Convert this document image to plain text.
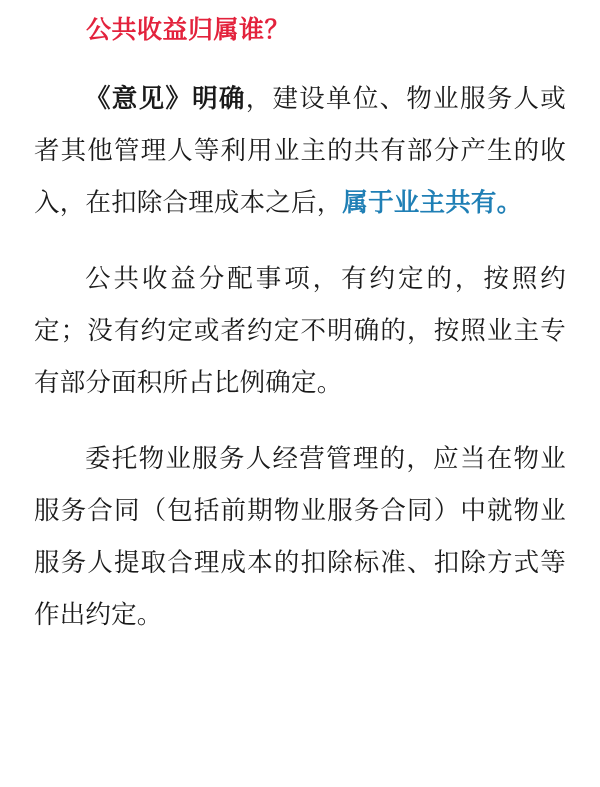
公共收益归属谁？

《意见》明确，建设单位、物业服务人或者其他管理人等利用业主的共有部分产生的收入，在扣除合理成本之后，属于业主共有。

公共收益分配事项，有约定的，按照约定；没有约定或者约定不明确的，按照业主专有部分面积所占比例确定。

委托物业服务人经营管理的，应当在物业服务合同（包括前期物业服务合同）中就物业服务人提取合理成本的扣除标准、扣除方式等作出约定。
